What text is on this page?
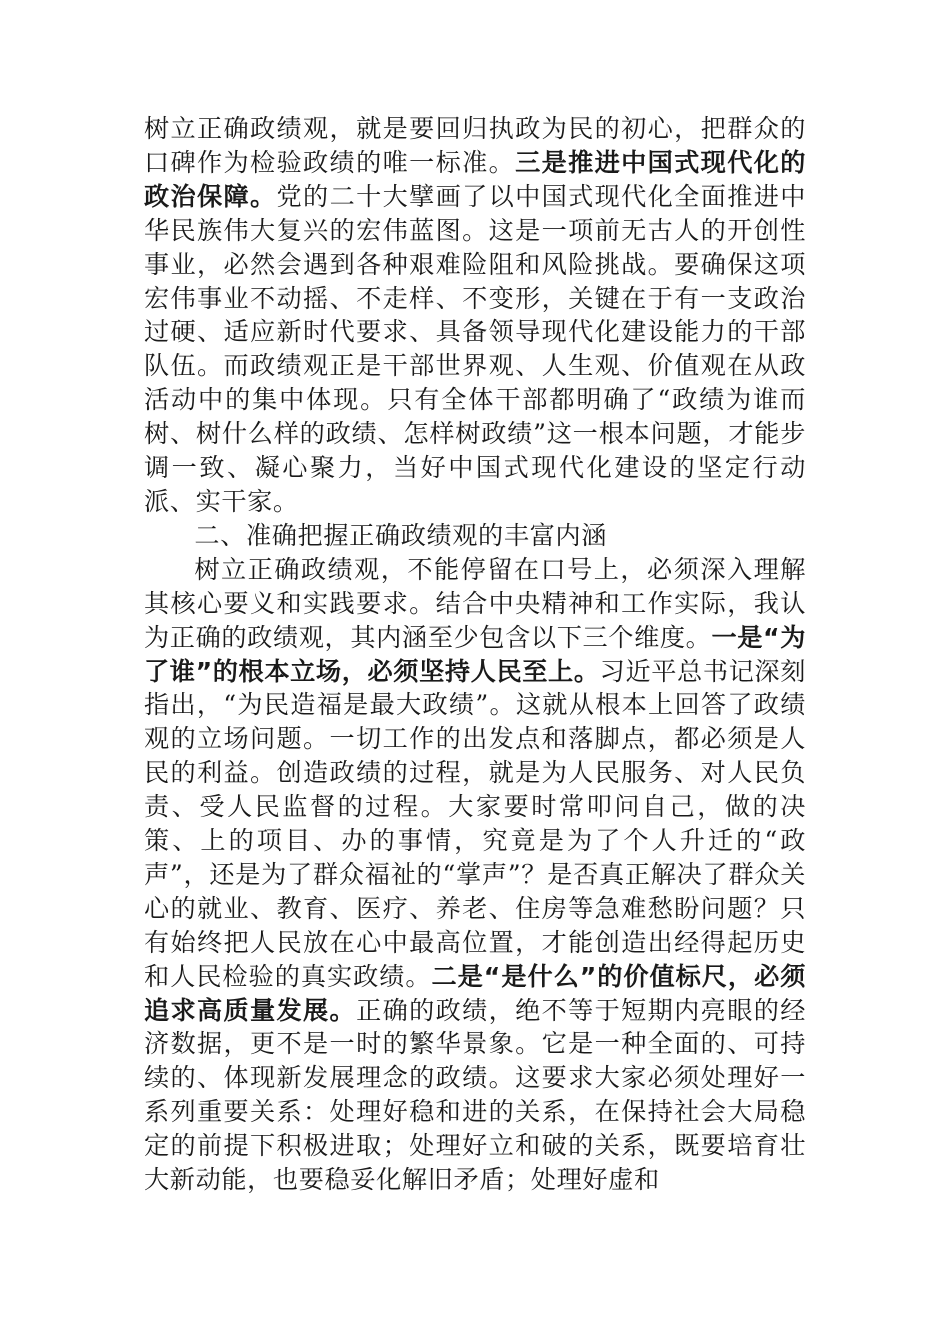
树立正确政绩观，就是要回归执政为民的初心，把群众的口碑作为检验政绩的唯一标准。三是推进中国式现代化的政治保障。党的二十大擘画了以中国式现代化全面推进中华民族伟大复兴的宏伟蓝图。这是一项前无古人的开创性事业，必然会遇到各种艰难险阻和风险挑战。要确保这项宏伟事业不动摇、不走样、不变形，关键在于有一支政治过硬、适应新时代要求、具备领导现代化建设能力的干部队伍。而政绩观正是干部世界观、人生观、价值观在从政活动中的集中体现。只有全体干部都明确了“政绩为谁而树、树什么样的政绩、怎样树政绩”这一根本问题，才能步调一致、凝心聚力，当好中国式现代化建设的坚定行动派、实干家。

二、准确把握正确政绩观的丰富内涵

树立正确政绩观，不能停留在口号上，必须深入理解其核心要义和实践要求。结合中央精神和工作实际，我认为正确的政绩观，其内涵至少包含以下三个维度。一是“为了谁”的根本立场，必须坚持人民至上。习近平总书记深刻指出，“为民造福是最大政绩”。这就从根本上回答了政绩观的立场问题。一切工作的出发点和落脚点，都必须是人民的利益。创造政绩的过程，就是为人民服务、对人民负责、受人民监督的过程。大家要时常叩问自己，做的决策、上的项目、办的事情，究竟是为了个人升迁的“政声”，还是为了群众福祉的“掌声”？是否真正解决了群众关心的就业、教育、医疗、养老、住房等急难愁盼问题？只有始终把人民放在心中最高位置，才能创造出经得起历史和人民检验的真实政绩。二是“是什么”的价值标尺，必须追求高质量发展。正确的政绩，绝不等于短期内亮眼的经济数据，更不是一时的繁华景象。它是一种全面的、可持续的、体现新发展理念的政绩。这要求大家必须处理好一系列重要关系：处理好稳和进的关系，在保持社会大局稳定的前提下积极进取；处理好立和破的关系，既要培育壮大新动能，也要稳妥化解旧矛盾；处理好虚和
